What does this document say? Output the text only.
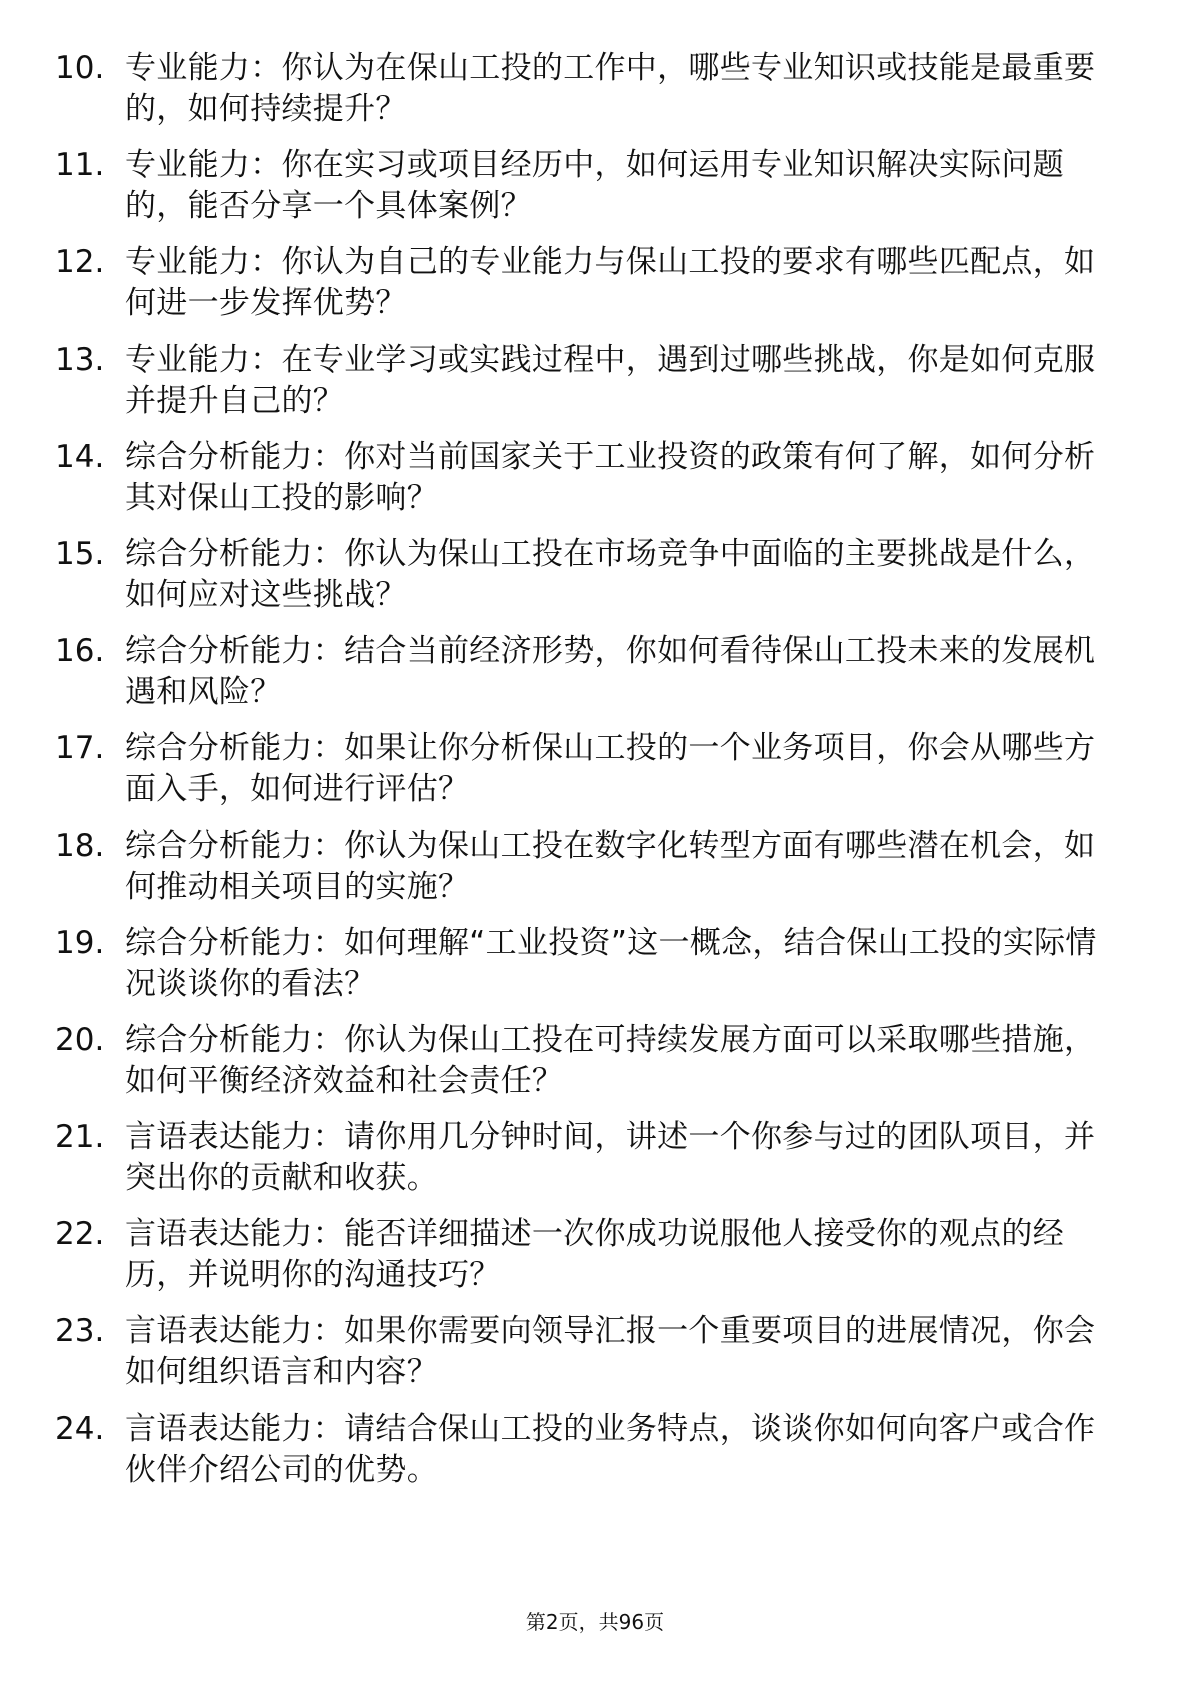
10. 专业能力：你认为在保山工投的工作中，哪些专业知识或技能是最重要的，如何持续提升？
11. 专业能力：你在实习或项目经历中，如何运用专业知识解决实际问题的，能否分享一个具体案例？
12. 专业能力：你认为自己的专业能力与保山工投的要求有哪些匹配点，如何进一步发挥优势？
13. 专业能力：在专业学习或实践过程中，遇到过哪些挑战，你是如何克服并提升自己的？
14. 综合分析能力：你对当前国家关于工业投资的政策有何了解，如何分析其对保山工投的影响？
15. 综合分析能力：你认为保山工投在市场竞争中面临的主要挑战是什么，如何应对这些挑战？
16. 综合分析能力：结合当前经济形势，你如何看待保山工投未来的发展机遇和风险？
17. 综合分析能力：如果让你分析保山工投的一个业务项目，你会从哪些方面入手，如何进行评估？
18. 综合分析能力：你认为保山工投在数字化转型方面有哪些潜在机会，如何推动相关项目的实施？
19. 综合分析能力：如何理解“工业投资”这一概念，结合保山工投的实际情况谈谈你的看法？
20. 综合分析能力：你认为保山工投在可持续发展方面可以采取哪些措施，如何平衡经济效益和社会责任？
21. 言语表达能力：请你用几分钟时间，讲述一个你参与过的团队项目，并突出你的贡献和收获。
22. 言语表达能力：能否详细描述一次你成功说服他人接受你的观点的经历，并说明你的沟通技巧？
23. 言语表达能力：如果你需要向领导汇报一个重要项目的进展情况，你会如何组织语言和内容？
24. 言语表达能力：请结合保山工投的业务特点，谈谈你如何向客户或合作伙伴介绍公司的优势。
第2页，共96页
